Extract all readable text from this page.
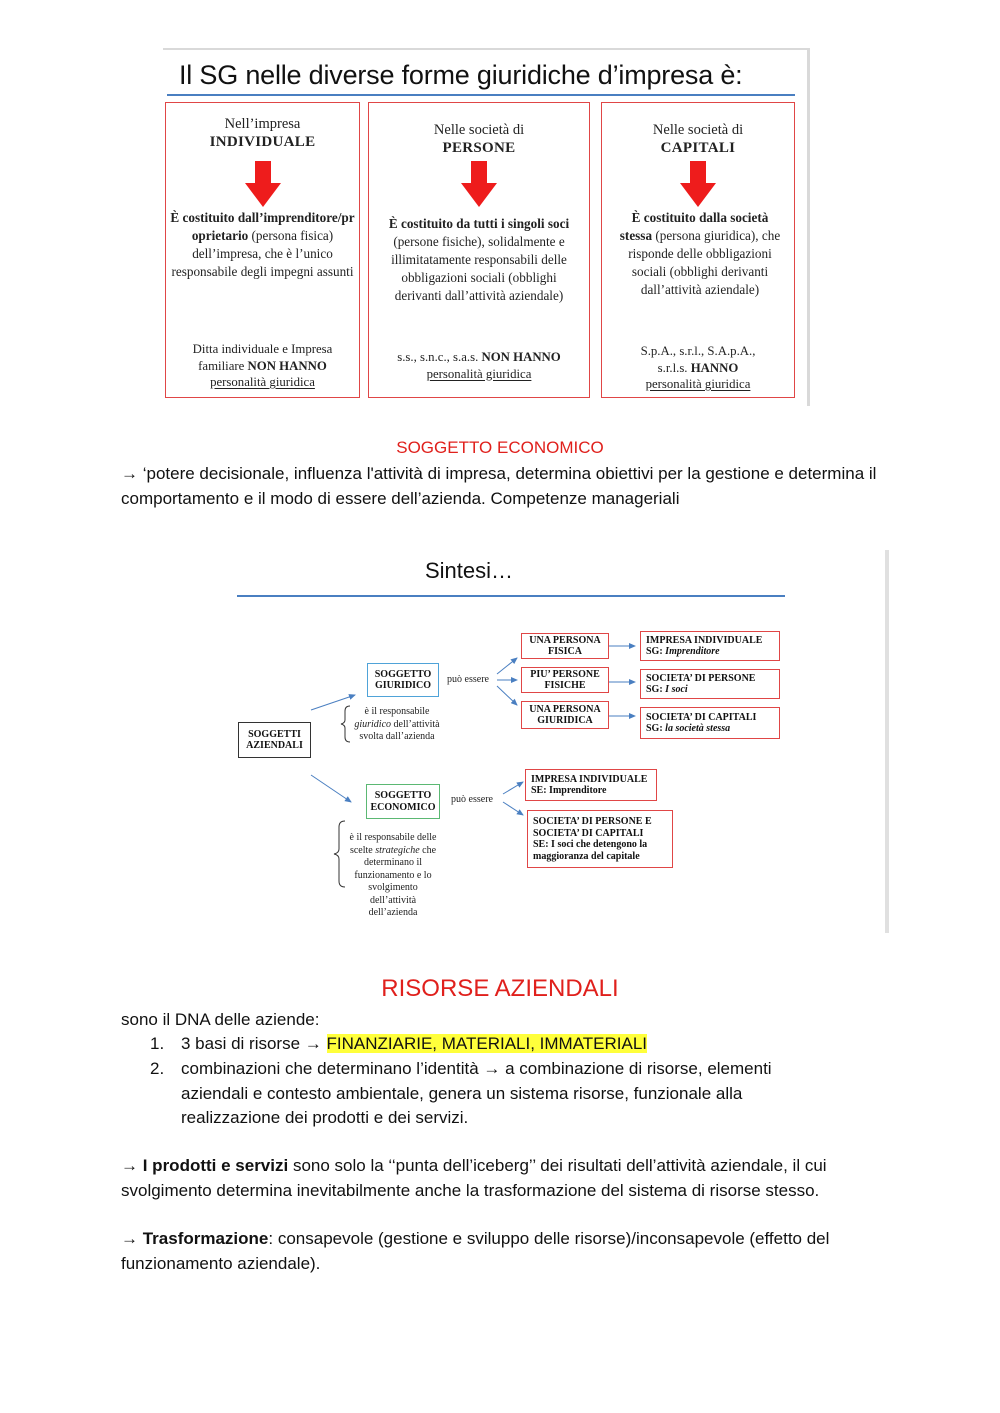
Il SG nelle diverse forme giuridiche d’impresa è:
Nell’impresa
INDIVIDUALE
È costituito dall’imprenditore/proprietario (persona fisica) dell’impresa, che è l’unico responsabile degli impegni assunti
Ditta individuale e Impresa familiare NON HANNO
personalità giuridica
Nelle società di
PERSONE
È costituito da tutti i singoli soci (persone fisiche), solidalmente e illimitatamente responsabili delle obbligazioni sociali (obblighi derivanti dall’attività aziendale)
s.s., s.n.c., s.a.s. NON HANNO
personalità giuridica
Nelle società di
CAPITALI
È costituito dalla società stessa (persona giuridica), che risponde delle obbligazioni sociali (obblighi derivanti dall’attività aziendale)
S.p.A., s.r.l., S.A.p.A., s.r.l.s. HANNO
personalità giuridica
SOGGETTO ECONOMICO
→ ‘potere decisionale, influenza l'attività di impresa, determina obiettivi per la gestione e determina il comportamento e il modo di essere dell’azienda. Competenze manageriali
Sintesi…
SOGGETTI
AZIENDALI
SOGGETTO
GIURIDICO
può essere
è il responsabile giuridico dell’attività svolta dall’azienda
UNA PERSONA
FISICA
PIU’ PERSONE
FISICHE
UNA PERSONA
GIURIDICA
IMPRESA INDIVIDUALE
SG: Imprenditore
SOCIETA’ DI PERSONE
SG: I soci
SOCIETA’ DI CAPITALI
SG: la società stessa
SOGGETTO
ECONOMICO
può essere
è il responsabile delle scelte strategiche che determinano il funzionamento e lo svolgimento dell’attività dell’azienda
IMPRESA INDIVIDUALE
SE: Imprenditore
SOCIETA’ DI PERSONE E
SOCIETA’ DI CAPITALI
SE: I soci che detengono la
maggioranza del capitale
RISORSE AZIENDALI
sono il DNA delle aziende:
1. 3 basi di risorse → FINANZIARIE, MATERIALI, IMMATERIALI
2. combinazioni che determinano l’identità → a combinazione di risorse, elementi aziendali e contesto ambientale, genera un sistema risorse, funzionale alla realizzazione dei prodotti e dei servizi.
→ I prodotti e servizi sono solo la ‘‘punta dell’iceberg’’ dei risultati dell’attività aziendale, il cui svolgimento determina inevitabilmente anche la trasformazione del sistema di risorse stesso.
→ Trasformazione: consapevole (gestione e sviluppo delle risorse)/inconsapevole (effetto del funzionamento aziendale).
